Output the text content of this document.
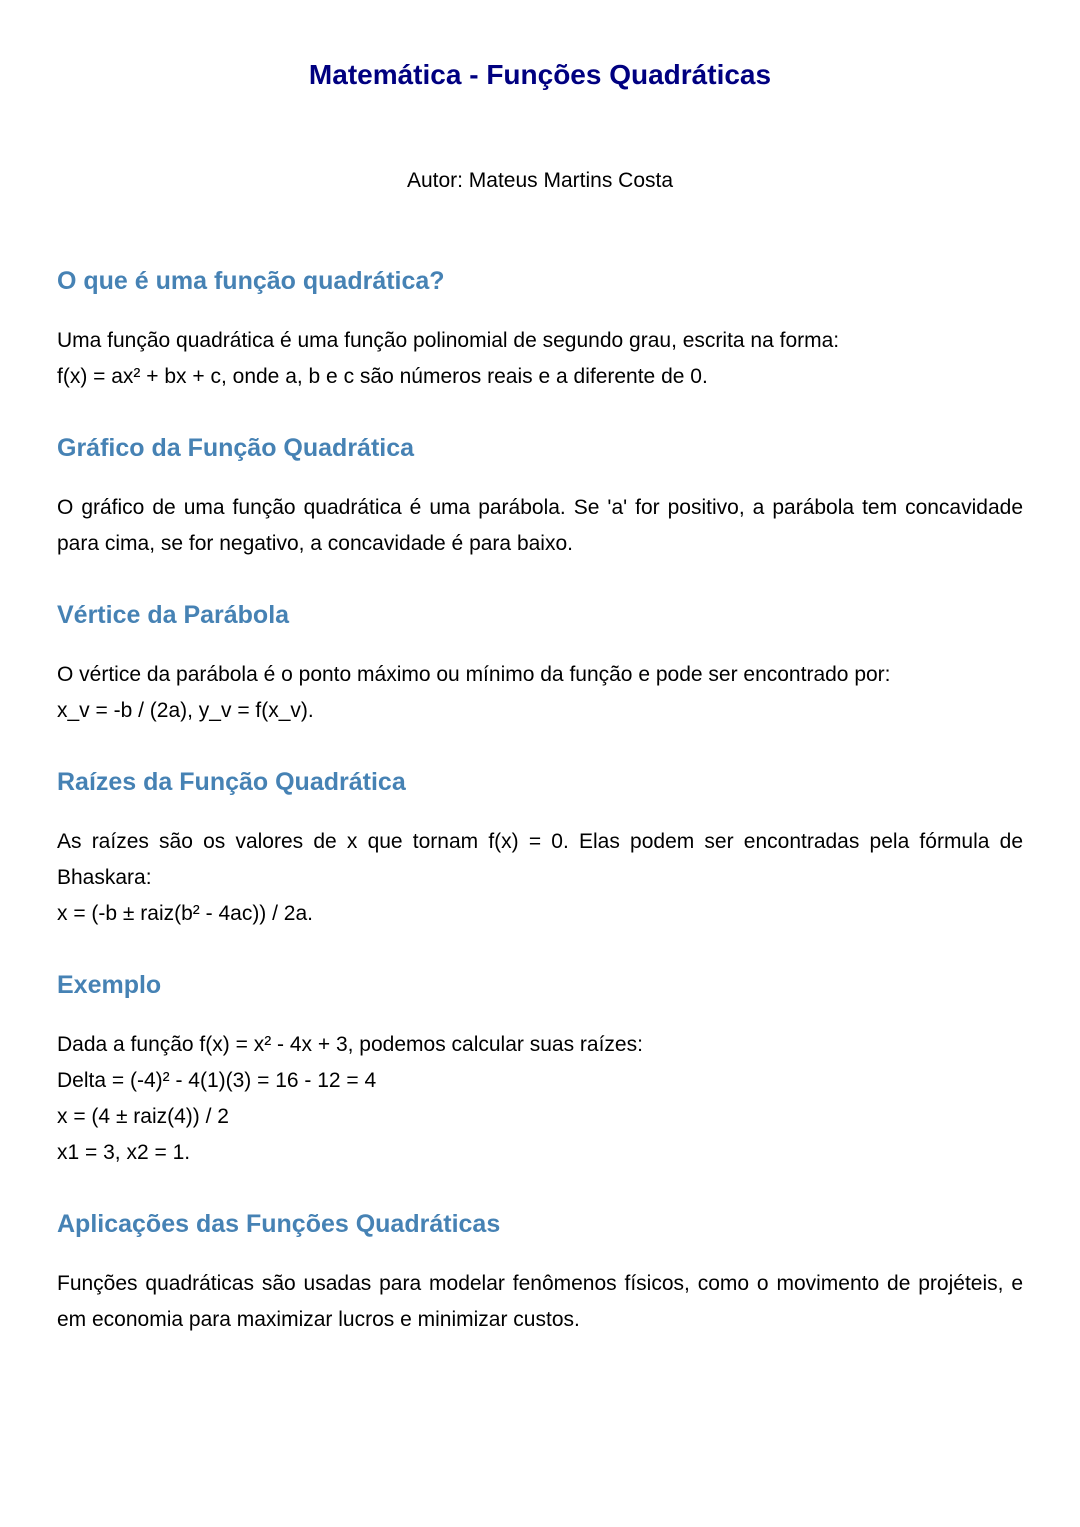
Matemática - Funções Quadráticas

Autor: Mateus Martins Costa

O que é uma função quadrática?

Uma função quadrática é uma função polinomial de segundo grau, escrita na forma:
f(x) = ax² + bx + c, onde a, b e c são números reais e a diferente de 0.

Gráfico da Função Quadrática

O gráfico de uma função quadrática é uma parábola. Se 'a' for positivo, a parábola tem concavidade para cima, se for negativo, a concavidade é para baixo.

Vértice da Parábola

O vértice da parábola é o ponto máximo ou mínimo da função e pode ser encontrado por:
x_v = -b / (2a), y_v = f(x_v).

Raízes da Função Quadrática

As raízes são os valores de x que tornam f(x) = 0. Elas podem ser encontradas pela fórmula de Bhaskara:
x = (-b ± raiz(b² - 4ac)) / 2a.

Exemplo

Dada a função f(x) = x² - 4x + 3, podemos calcular suas raízes:
Delta = (-4)² - 4(1)(3) = 16 - 12 = 4
x = (4 ± raiz(4)) / 2
x1 = 3, x2 = 1.

Aplicações das Funções Quadráticas

Funções quadráticas são usadas para modelar fenômenos físicos, como o movimento de projéteis, e em economia para maximizar lucros e minimizar custos.
